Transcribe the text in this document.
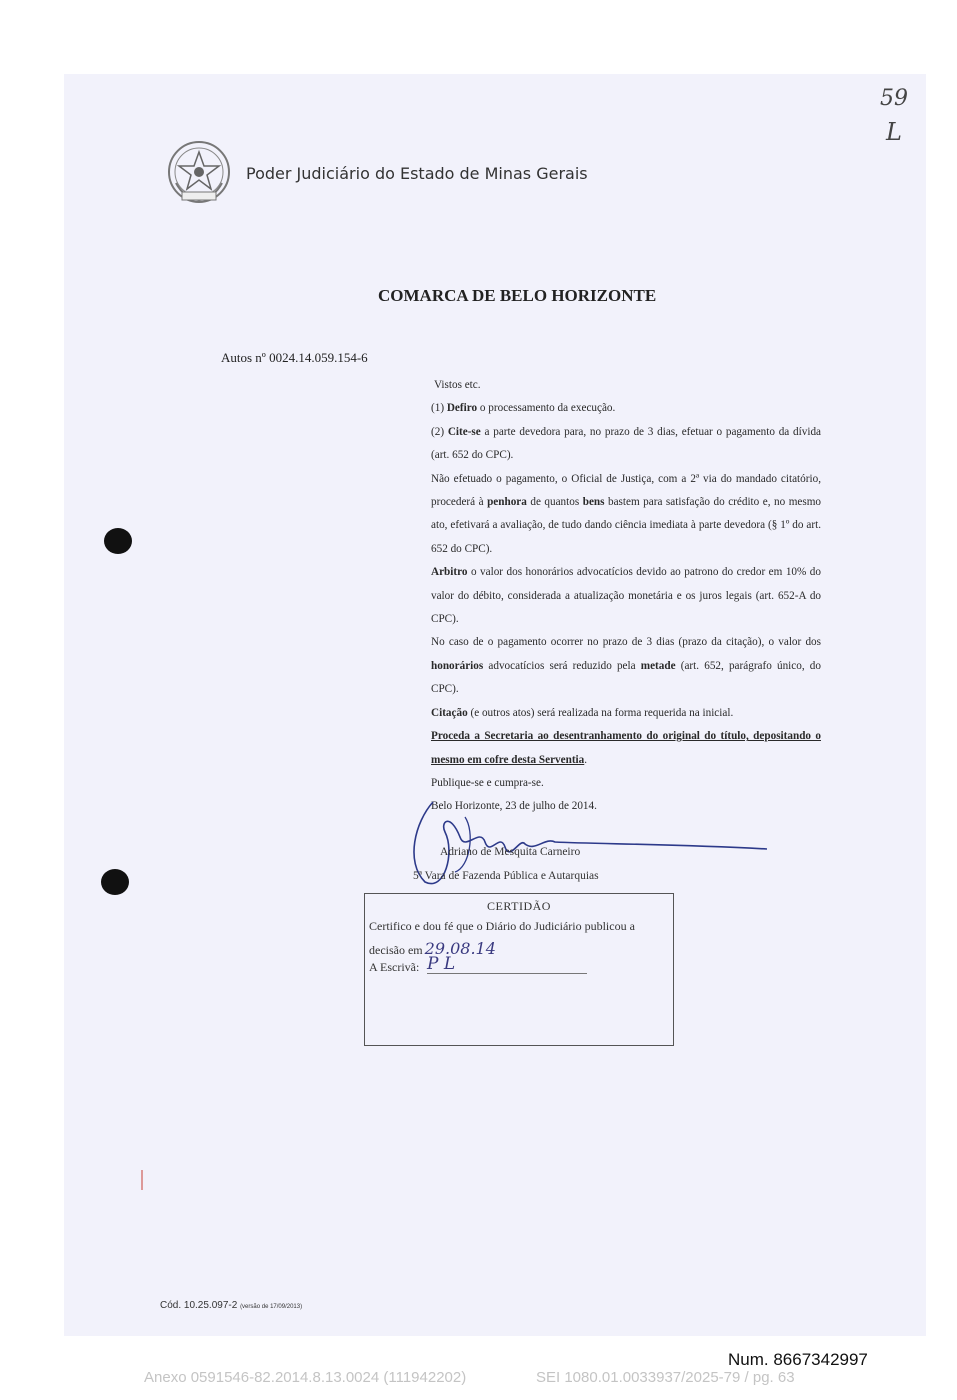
Poder Judiciário do Estado de Minas Gerais
59
L
COMARCA DE BELO HORIZONTE
Autos nº 0024.14.059.154-6

Vistos etc.

(1) Defiro o processamento da execução.

(2) Cite-se a parte devedora para, no prazo de 3 dias, efetuar o pagamento da dívida (art. 652 do CPC).

Não efetuado o pagamento, o Oficial de Justiça, com a 2ª via do mandado citatório, procederá à penhora de quantos bens bastem para satisfação do crédito e, no mesmo ato, efetivará a avaliação, de tudo dando ciência imediata à parte devedora (§ 1º do art. 652 do CPC).

Arbitro o valor dos honorários advocatícios devido ao patrono do credor em 10% do valor do débito, considerada a atualização monetária e os juros legais (art. 652-A do CPC).

No caso de o pagamento ocorrer no prazo de 3 dias (prazo da citação), o valor dos honorários advocatícios será reduzido pela metade (art. 652, parágrafo único, do CPC).

Citação (e outros atos) será realizada na forma requerida na inicial.

Proceda a Secretaria ao desentranhamento do original do título, depositando o mesmo em cofre desta Serventia.

Publique-se e cumpra-se.

Belo Horizonte, 23 de julho de 2014.

Adriano de Mesquita Carneiro
5ª Vara de Fazenda Pública e Autarquias
CERTIDÃO
Certifico e dou fé que o Diário do Judiciário publicou a
decisão em 29.08.14
A Escrivã: P L
Cód. 10.25.097-2 (versão de 17/09/2013)
Num. 8667342997
Anexo 0591546-82.2014.8.13.0024 (111942202)	SEI 1080.01.0033937/2025-79 / pg. 63
